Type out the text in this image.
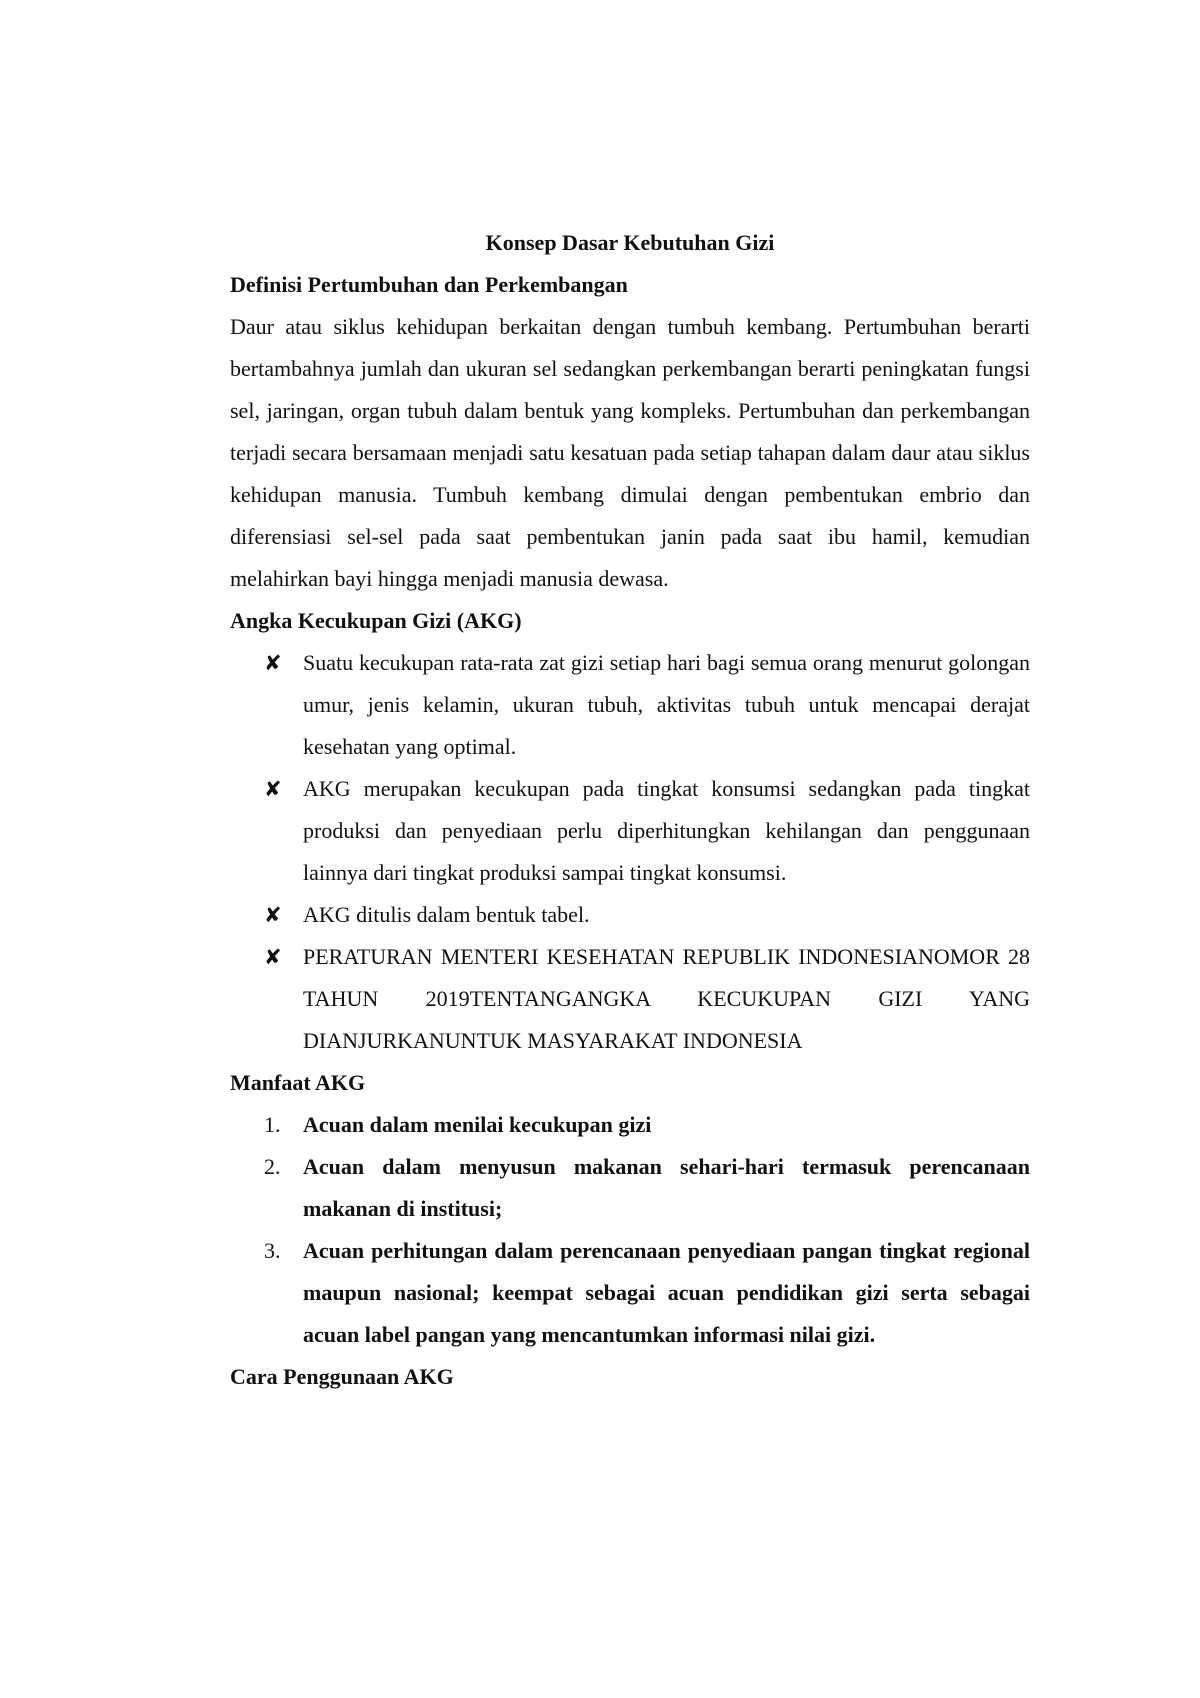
Konsep Dasar Kebutuhan Gizi
Definisi Pertumbuhan dan Perkembangan

Daur atau siklus kehidupan berkaitan dengan tumbuh kembang. Pertumbuhan berarti bertambahnya jumlah dan ukuran sel sedangkan perkembangan berarti peningkatan fungsi sel, jaringan, organ tubuh dalam bentuk yang kompleks. Pertumbuhan dan perkembangan terjadi secara bersamaan menjadi satu kesatuan pada setiap tahapan dalam daur atau siklus kehidupan manusia. Tumbuh kembang dimulai dengan pembentukan embrio dan diferensiasi sel-sel pada saat pembentukan janin pada saat ibu hamil, kemudian melahirkan bayi hingga menjadi manusia dewasa.

Angka Kecukupan Gizi (AKG)
✘ Suatu kecukupan rata-rata zat gizi setiap hari bagi semua orang menurut golongan umur, jenis kelamin, ukuran tubuh, aktivitas tubuh untuk mencapai derajat kesehatan yang optimal.
✘ AKG merupakan kecukupan pada tingkat konsumsi sedangkan pada tingkat produksi dan penyediaan perlu diperhitungkan kehilangan dan penggunaan lainnya dari tingkat produksi sampai tingkat konsumsi.
✘ AKG ditulis dalam bentuk tabel.
✘ PERATURAN MENTERI KESEHATAN REPUBLIK INDONESIANOMOR 28 TAHUN 2019TENTANGANGKA KECUKUPAN GIZI YANG DIANJURKANUNTUK MASYARAKAT INDONESIA
Manfaat AKG
1.	Acuan dalam menilai kecukupan gizi
2.	Acuan dalam menyusun makanan sehari-hari termasuk perencanaan makanan di institusi;
3.	Acuan perhitungan dalam perencanaan penyediaan pangan tingkat regional maupun nasional; keempat sebagai acuan pendidikan gizi serta sebagai acuan label pangan yang mencantumkan informasi nilai gizi.
Cara Penggunaan AKG
